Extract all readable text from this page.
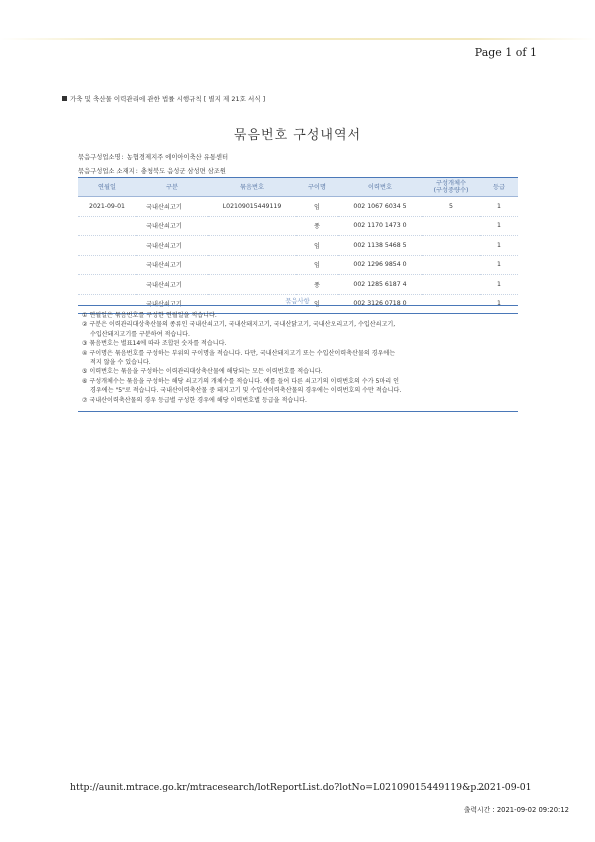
Page 1 of 1
가축 및 축산물 이력관리에 관한 법률 시행규칙 [ 별지 제 21호 서식 ]
묶음번호 구성내역서
묶음구성업소명: 농협경제지주 에이아이축산 유통센터
묶음구성업소 소재지: 충청북도 음성군 삼성면 삼조원
연월일	구분	묶음번호	구이명	이력번호	구성개체수
(구성중량수)	등급
2021-09-01	국내산쇠고기	L02109015449119	임	002 1067 6034 5	5	1
	국내산쇠고기		풍	002 1170 1473 0		1
	국내산쇠고기		임	002 1138 5468 5		1
	국내산쇠고기		임	002 1296 9854 0		1
	국내산쇠고기		풍	002 1285 6187 4		1
	국내산쇠고기		임	002 3126 0718 0		1
묶음사항

① 연월일은 묶음번호를 구성한 연월일을 적습니다.

② 구분은 이력관리대상축산물의 종류인 국내산쇠고기, 국내산돼지고기, 국내산닭고기, 국내산오리고기, 수입산쇠고기,
수입산돼지고기를 구분하여 적습니다.

③ 묶음번호는 별표14에 따라 조합된 숫자를 적습니다.

④ 구이명은 묶음번호를 구성하는 부위의 구이명을 적습니다. 다만, 국내산돼지고기 또는 수입산이력축산물의 경우에는
적지 않을 수 있습니다.

⑤ 이력번호는 묶음을 구성하는 이력관리대상축산물에 해당되는 모든 이력번호를 적습니다.

⑥ 구성개체수는 묶음을 구성하는 해당 쇠고기의 개체수를 적습니다. 예를 들어 다른 쇠고기의 이력번호의 수가 5마리 인
경우에는 "5"로 적습니다. 국내산이력축산물 중 돼지고기 및 수입산이력축산물의 경우에는 이력번호의 수만 적습니다.

⑦ 국내산이력축산물의 경우 등급별 구성한 경우에 해당 이력번호별 등급을 적습니다.

http://aunit.mtrace.go.kr/mtracesearch/lotReportList.do?lotNo=L02109015449119&p...
2021-09-01
출력시간 : 2021-09-02 09:20:12
